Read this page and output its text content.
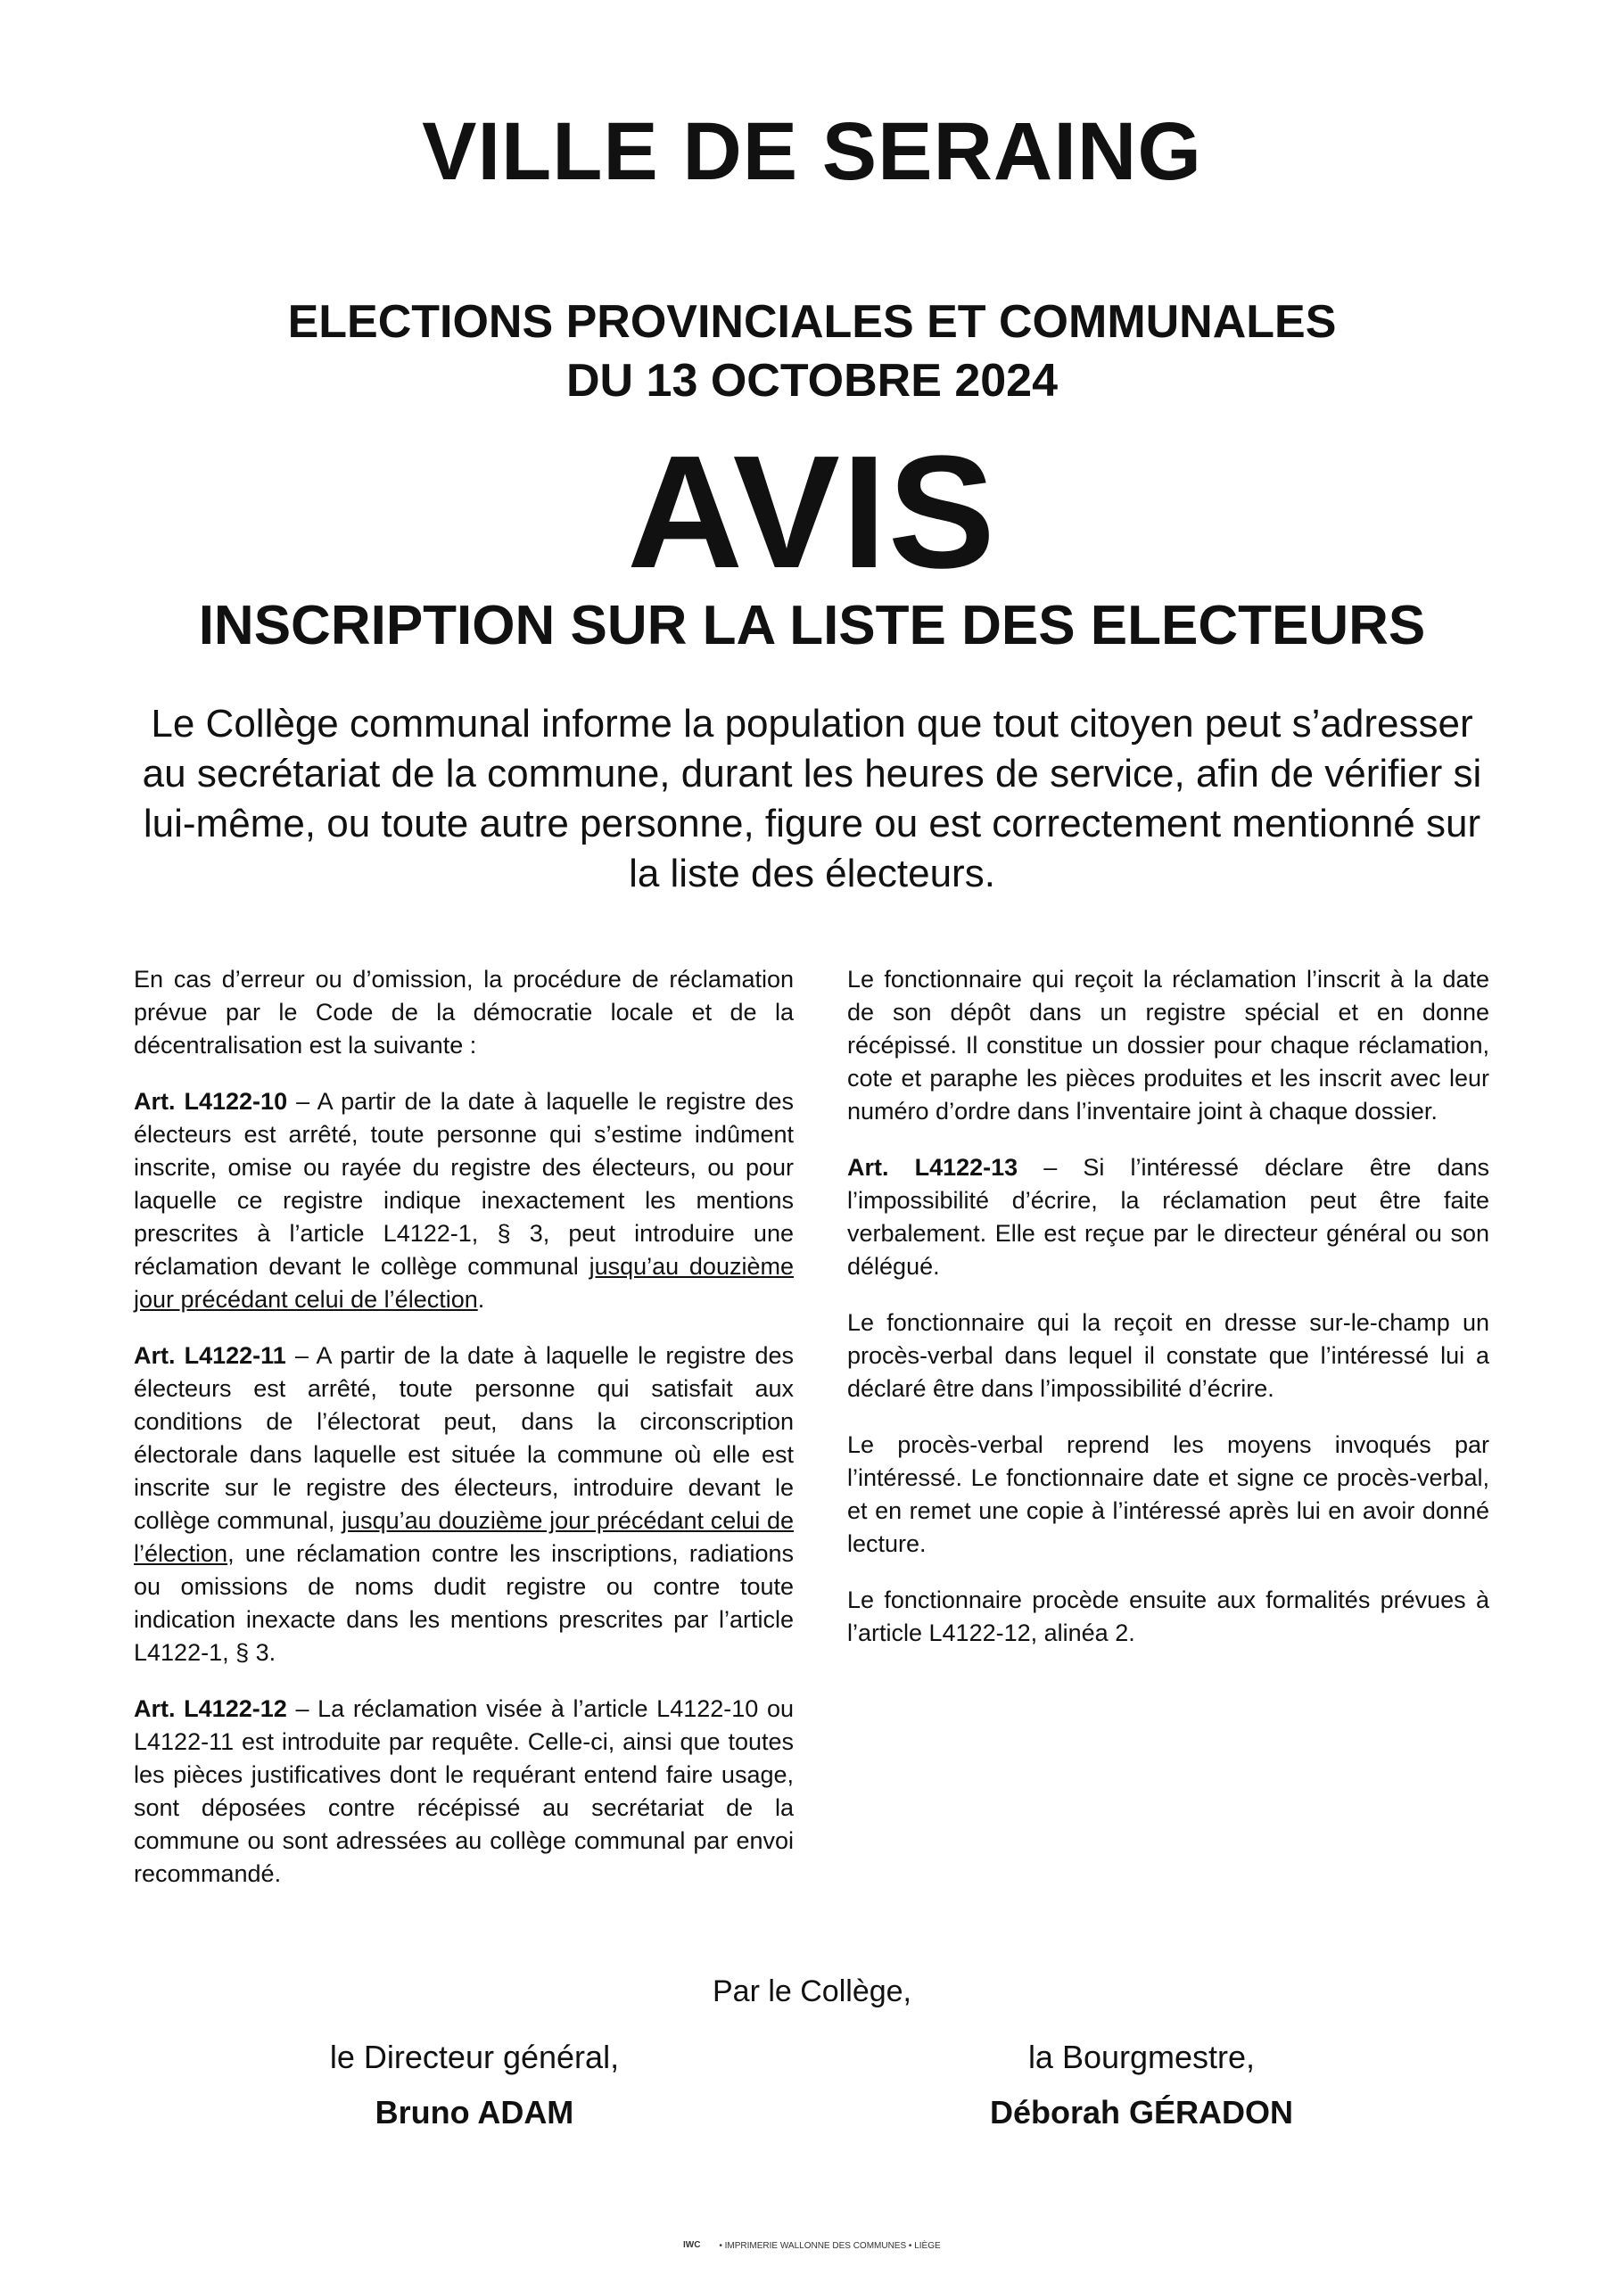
VILLE DE SERAING
ELECTIONS PROVINCIALES ET COMMUNALES
DU 13 OCTOBRE 2024
AVIS
INSCRIPTION SUR LA LISTE DES ELECTEURS
Le Collège communal informe la population que tout citoyen peut s’adresser au secrétariat de la commune, durant les heures de service, afin de vérifier si lui-même, ou toute autre personne, figure ou est correctement mentionné sur la liste des électeurs.

En cas d’erreur ou d’omission, la procédure de réclamation prévue par le Code de la démocratie locale et de la décentralisation est la suivante :

Art. L4122-10 – A partir de la date à laquelle le registre des électeurs est arrêté, toute personne qui s’estime indûment inscrite, omise ou rayée du registre des électeurs, ou pour laquelle ce registre indique inexactement les mentions prescrites à l’article L4122-1, § 3, peut introduire une réclamation devant le collège communal jusqu’au douzième jour précédant celui de l’élection.

Art. L4122-11 – A partir de la date à laquelle le registre des électeurs est arrêté, toute personne qui satisfait aux conditions de l’électorat peut, dans la circonscription électorale dans laquelle est située la commune où elle est inscrite sur le registre des électeurs, introduire devant le collège communal, jusqu’au douzième jour précédant celui de l’élection, une réclamation contre les inscriptions, radiations ou omissions de noms dudit registre ou contre toute indication inexacte dans les mentions prescrites par l’article L4122-1, § 3.

Art. L4122-12 – La réclamation visée à l’article L4122-10 ou L4122-11 est introduite par requête. Celle-ci, ainsi que toutes les pièces justificatives dont le requérant entend faire usage, sont déposées contre récépissé au secrétariat de la commune ou sont adressées au collège communal par envoi recommandé.

Le fonctionnaire qui reçoit la réclamation l’inscrit à la date de son dépôt dans un registre spécial et en donne récépissé. Il constitue un dossier pour chaque réclamation, cote et paraphe les pièces produites et les inscrit avec leur numéro d’ordre dans l’inventaire joint à chaque dossier.

Art. L4122-13 – Si l’intéressé déclare être dans l’impossibilité d’écrire, la réclamation peut être faite verbalement. Elle est reçue par le directeur général ou son délégué.

Le fonctionnaire qui la reçoit en dresse sur-le-champ un procès-verbal dans lequel il constate que l’intéressé lui a déclaré être dans l’impossibilité d’écrire.

Le procès-verbal reprend les moyens invoqués par l’intéressé. Le fonctionnaire date et signe ce procès-verbal, et en remet une copie à l’intéressé après lui en avoir donné lecture.

Le fonctionnaire procède ensuite aux formalités prévues à l’article L4122-12, alinéa 2.

Par le Collège,
le Directeur général,
Bruno ADAM
la Bourgmestre,
Déborah GÉRADON
IWC • IMPRIMERIE WALLONNE DES COMMUNES • LIÈGE
